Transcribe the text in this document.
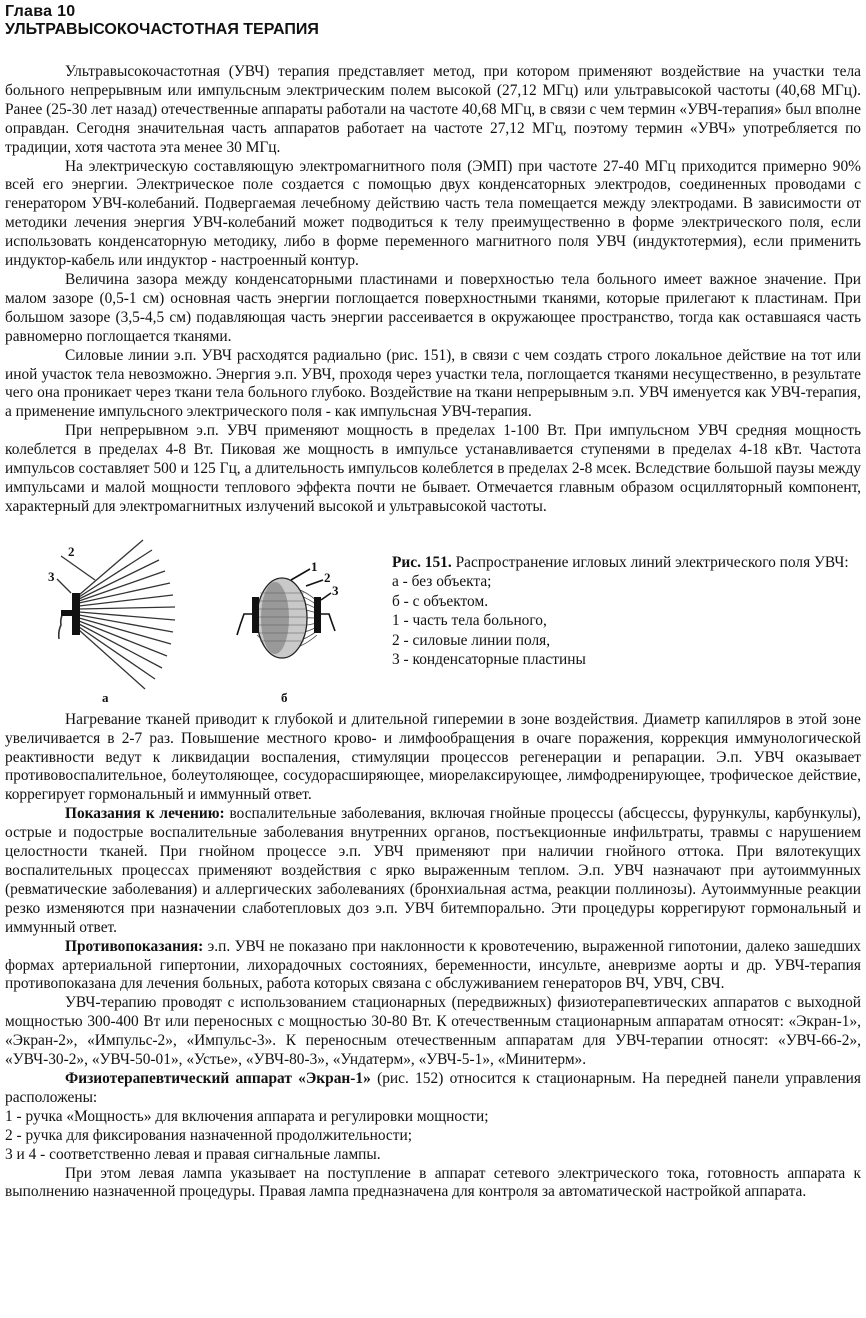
Глава 10
УЛЬТРАВЫСОКОЧАСТОТНАЯ ТЕРАПИЯ

Ультравысокочастотная (УВЧ) терапия представляет метод, при котором применяют воздействие на участки тела больного непрерывным или импульсным электрическим полем высокой (27,12 МГц) или ультравысокой частоты (40,68 МГц). Ранее (25-30 лет назад) отечественные аппараты работали на частоте 40,68 МГц, в связи с чем термин «УВЧ-терапия» был вполне оправдан. Сегодня значительная часть аппаратов работает на частоте 27,12 МГц, поэтому термин «УВЧ» употребляется по традиции, хотя частота эта менее 30 МГц.

На электрическую составляющую электромагнитного поля (ЭМП) при частоте 27-40 МГц приходится примерно 90% всей его энергии. Электрическое поле создается с помощью двух конденсаторных электродов, соединенных проводами с генератором УВЧ-колебаний. Подвергаемая лечебному действию часть тела помещается между электродами. В зависимости от методики лечения энергия УВЧ-колебаний может подводиться к телу преимущественно в форме электрического поля, если использовать конденсаторную методику, либо в форме переменного магнитного поля УВЧ (индуктотермия), если применить индуктор-кабель или индуктор - настроенный контур.

Величина зазора между конденсаторными пластинами и поверхностью тела больного имеет важное значение. При малом зазоре (0,5-1 см) основная часть энергии поглощается поверхностными тканями, которые прилегают к пластинам. При большом зазоре (3,5-4,5 см) подавляющая часть энергии рассеивается в окружающее пространство, тогда как оставшаяся часть равномерно поглощается тканями.

Силовые линии э.п. УВЧ расходятся радиально (рис. 151), в связи с чем создать строго локальное действие на тот или иной участок тела невозможно. Энергия э.п. УВЧ, проходя через участки тела, поглощается тканями несущественно, в результате чего она проникает через ткани тела больного глубоко. Воздействие на ткани непрерывным э.п. УВЧ именуется как УВЧ-терапия, а применение импульсного электрического поля - как импульсная УВЧ-терапия.

При непрерывном э.п. УВЧ применяют мощность в пределах 1-100 Вт. При импульсном УВЧ средняя мощность колеблется в пределах 4-8 Вт. Пиковая же мощность в импульсе устанавливается ступенями в пределах 4-18 кВт. Частота импульсов составляет 500 и 125 Гц, а длительность импульсов колеблется в пределах 2-8 мсек. Вследствие большой паузы между импульсами и малой мощности теплового эффекта почти не бывает. Отмечается главным образом осцилляторный компонент, характерный для электромагнитных излучений высокой и ультравысокой частоты.

2
3
а
1
2
3
б
Рис. 151. Распространение игловых линий электрического поля УВЧ:
а - без объекта;
б - с объектом.
1 - часть тела больного,
2 - силовые линии поля,
3 - конденсаторные пластины

Нагревание тканей приводит к глубокой и длительной гиперемии в зоне воздействия. Диаметр капилляров в этой зоне увеличивается в 2-7 раз. Повышение местного крово- и лимфообращения в очаге поражения, коррекция иммунологической реактивности ведут к ликвидации воспаления, стимуляции процессов регенерации и репарации. Э.п. УВЧ оказывает противовоспалительное, болеутоляющее, сосудорасширяющее, миорелаксирующее, лимфодренирующее, трофическое действие, коррегирует гормональный и иммунный ответ.

Показания к лечению: воспалительные заболевания, включая гнойные процессы (абсцессы, фурункулы, карбункулы), острые и подострые воспалительные заболевания внутренних органов, постъекционные инфильтраты, травмы с нарушением целостности тканей. При гнойном процессе э.п. УВЧ применяют при наличии гнойного оттока. При вялотекущих воспалительных процессах применяют воздействия с ярко выраженным теплом. Э.п. УВЧ назначают при аутоиммунных (ревматические заболевания) и аллергических заболеваниях (бронхиальная астма, реакции поллинозы). Аутоиммунные реакции резко изменяются при назначении слаботепловых доз э.п. УВЧ битемпорально. Эти процедуры коррегируют гормональный и иммунный ответ.

Противопоказания: э.п. УВЧ не показано при наклонности к кровотечению, выраженной гипотонии, далеко зашедших формах артериальной гипертонии, лихорадочных состояниях, беременности, инсульте, аневризме аорты и др. УВЧ-терапия противопоказана для лечения больных, работа которых связана с обслуживанием генераторов ВЧ, УВЧ, СВЧ.

УВЧ-терапию проводят с использованием стационарных (передвижных) физиотерапевтических аппаратов с выходной мощностью 300-400 Вт или переносных с мощностью 30-80 Вт. К отечественным стационарным аппаратам относят: «Экран-1», «Экран-2», «Импульс-2», «Импульс-3». К переносным отечественным аппаратам для УВЧ-терапии относят: «УВЧ-66-2», «УВЧ-30-2», «УВЧ-50-01», «Устье», «УВЧ-80-3», «Ундатерм», «УВЧ-5-1», «Минитерм».

Физиотерапевтический аппарат «Экран-1» (рис. 152) относится к стационарным. На передней панели управления расположены:

1 - ручка «Мощность» для включения аппарата и регулировки мощности;

2 - ручка для фиксирования назначенной продолжительности;

3 и 4 - соответственно левая и правая сигнальные лампы.

При этом левая лампа указывает на поступление в аппарат сетевого электрического тока, готовность аппарата к выполнению назначенной процедуры. Правая лампа предназначена для контроля за автоматической настройкой аппарата.
